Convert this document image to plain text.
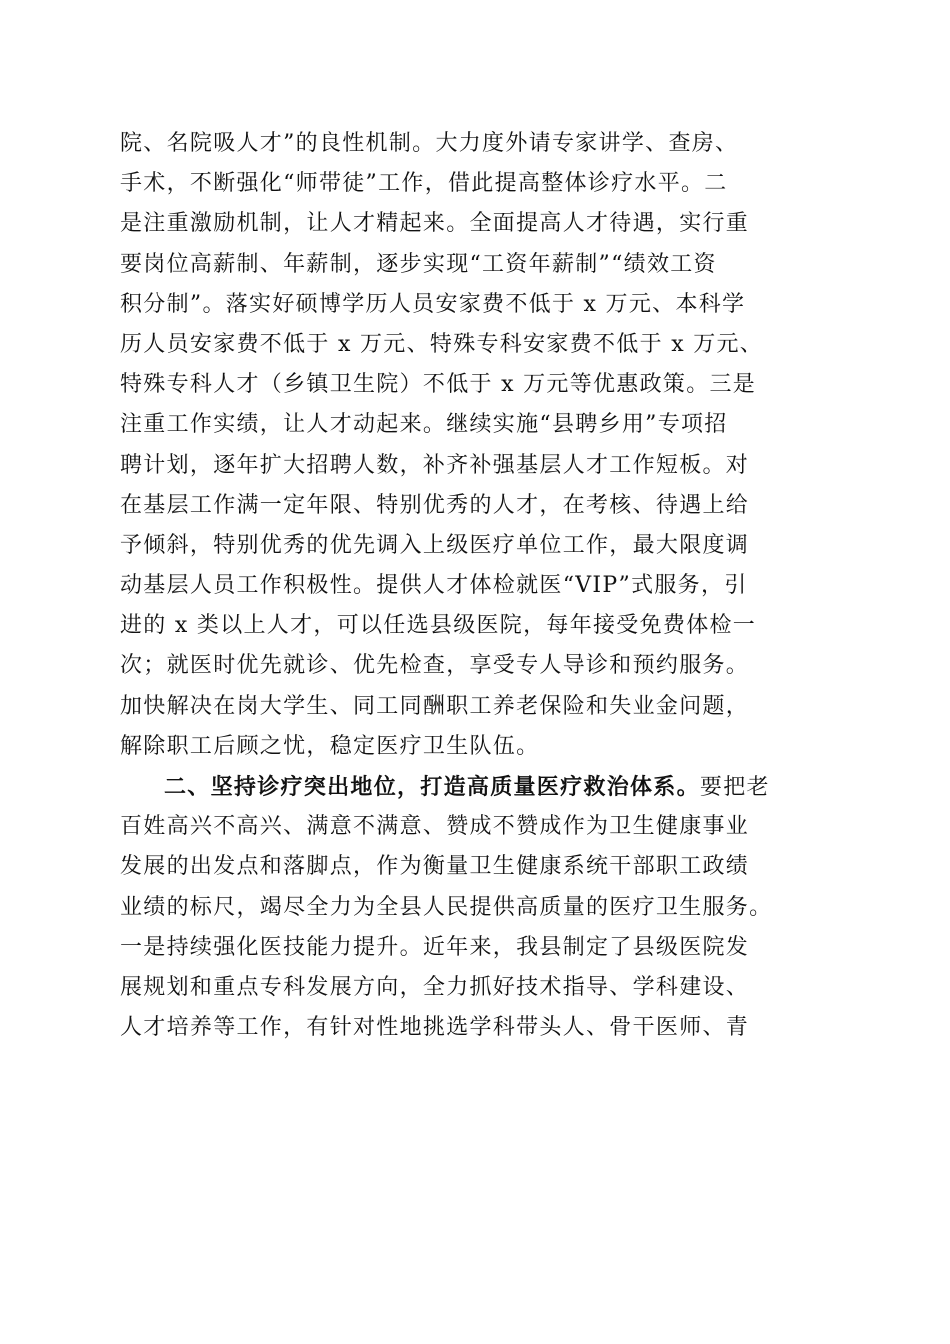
院、名院吸人才”的良性机制。大力度外请专家讲学、查房、
手术，不断强化“师带徒”工作，借此提高整体诊疗水平。二
是注重激励机制，让人才精起来。全面提高人才待遇，实行重
要岗位高薪制、年薪制，逐步实现“工资年薪制”“绩效工资
积分制”。落实好硕博学历人员安家费不低于 x 万元、本科学
历人员安家费不低于 x 万元、特殊专科安家费不低于 x 万元、
特殊专科人才（乡镇卫生院）不低于 x 万元等优惠政策。三是
注重工作实绩，让人才动起来。继续实施“县聘乡用”专项招
聘计划，逐年扩大招聘人数，补齐补强基层人才工作短板。对
在基层工作满一定年限、特别优秀的人才，在考核、待遇上给
予倾斜，特别优秀的优先调入上级医疗单位工作，最大限度调
动基层人员工作积极性。提供人才体检就医“VIP”式服务，引
进的 x 类以上人才，可以任选县级医院，每年接受免费体检一
次；就医时优先就诊、优先检查，享受专人导诊和预约服务。
加快解决在岗大学生、同工同酬职工养老保险和失业金问题，
解除职工后顾之忧，稳定医疗卫生队伍。
二、坚持诊疗突出地位，打造高质量医疗救治体系。要把老
百姓高兴不高兴、满意不满意、赞成不赞成作为卫生健康事业
发展的出发点和落脚点，作为衡量卫生健康系统干部职工政绩
业绩的标尺，竭尽全力为全县人民提供高质量的医疗卫生服务。
一是持续强化医技能力提升。近年来，我县制定了县级医院发
展规划和重点专科发展方向，全力抓好技术指导、学科建设、
人才培养等工作，有针对性地挑选学科带头人、骨干医师、青
